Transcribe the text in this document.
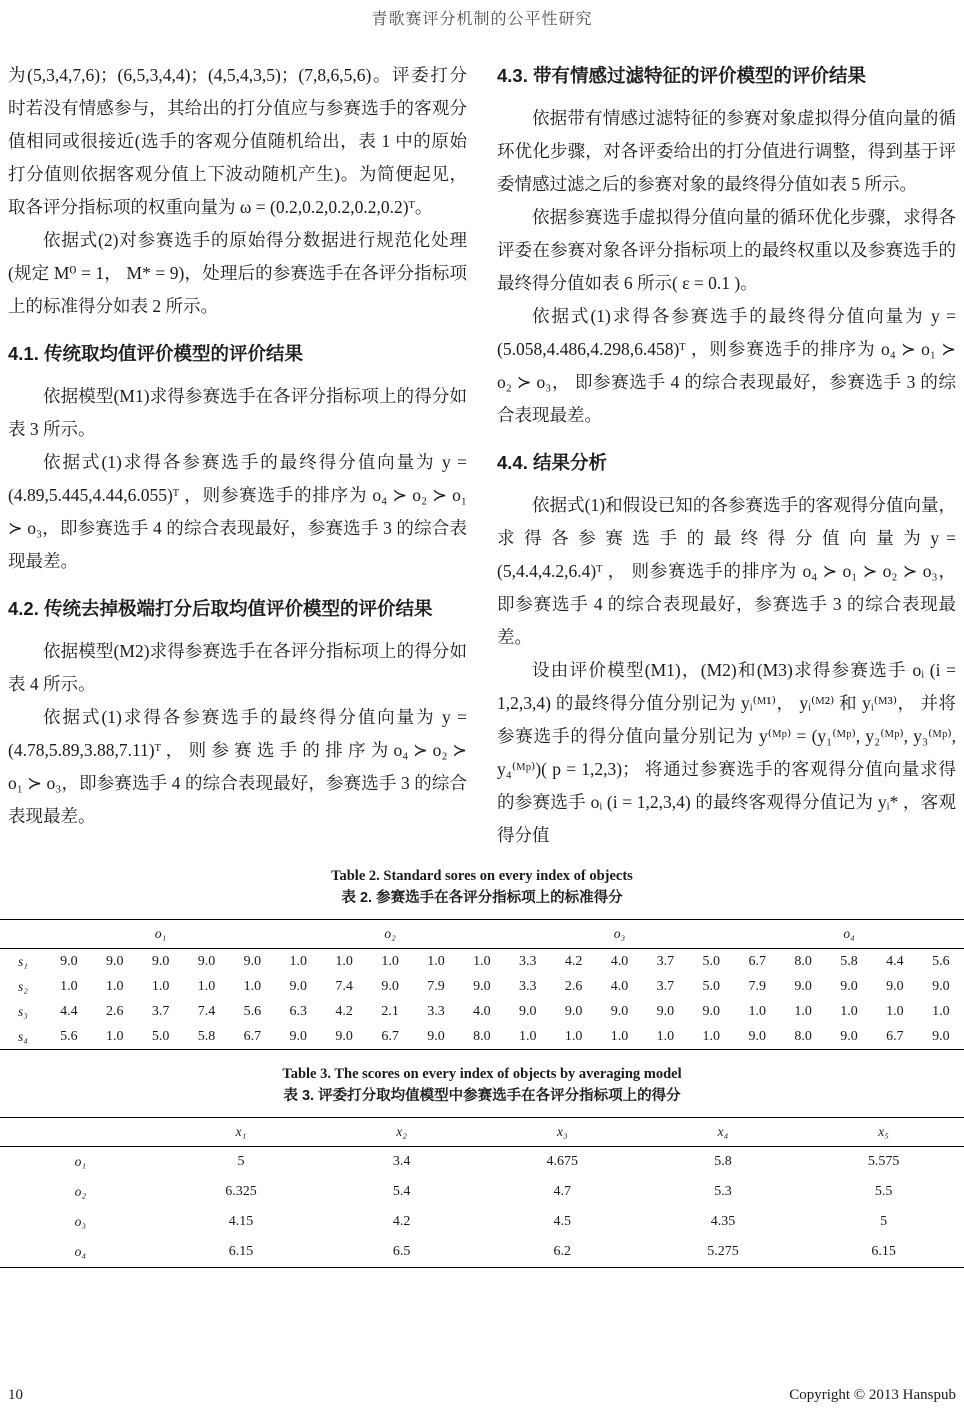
青歌赛评分机制的公平性研究

为(5,3,4,7,6)；(6,5,3,4,4)；(4,5,4,3,5)；(7,8,6,5,6)。评委打分时若没有情感参与，其给出的打分值应与参赛选手的客观分值相同或很接近(选手的客观分值随机给出，表 1 中的原始打分值则依据客观分值上下波动随机产生)。为简便起见，取各评分指标项的权重向量为 ω = (0.2,0.2,0.2,0.2,0.2)ᵀ。

依据式(2)对参赛选手的原始得分数据进行规范化处理(规定 M⁰ = 1， M* = 9)，处理后的参赛选手在各评分指标项上的标准得分如表 2 所示。

4.1. 传统取均值评价模型的评价结果

依据模型(M1)求得参赛选手在各评分指标项上的得分如表 3 所示。

依据式(1)求得各参赛选手的最终得分值向量为 y = (4.89,5.445,4.44,6.055)ᵀ ，则参赛选手的排序为 o₄ ≻ o₂ ≻ o₁ ≻ o₃，即参赛选手 4 的综合表现最好，参赛选手 3 的综合表现最差。

4.2. 传统去掉极端打分后取均值评价模型的评价结果

依据模型(M2)求得参赛选手在各评分指标项上的得分如表 4 所示。

依据式(1)求得各参赛选手的最终得分值向量为 y = (4.78,5.89,3.88,7.11)ᵀ ， 则 参 赛 选 手 的 排 序 为 o₄ ≻ o₂ ≻ o₁ ≻ o₃，即参赛选手 4 的综合表现最好，参赛选手 3 的综合表现最差。

4.3. 带有情感过滤特征的评价模型的评价结果

依据带有情感过滤特征的参赛对象虚拟得分值向量的循环优化步骤，对各评委给出的打分值进行调整，得到基于评委情感过滤之后的参赛对象的最终得分值如表 5 所示。

依据参赛选手虚拟得分值向量的循环优化步骤，求得各评委在参赛对象各评分指标项上的最终权重以及参赛选手的最终得分值如表 6 所示( ε = 0.1 )。

依据式(1)求得各参赛选手的最终得分值向量为 y = (5.058,4.486,4.298,6.458)ᵀ ，则参赛选手的排序为 o₄ ≻ o₁ ≻ o₂ ≻ o₃， 即参赛选手 4 的综合表现最好，参赛选手 3 的综合表现最差。

4.4. 结果分析

依据式(1)和假设已知的各参赛选手的客观得分值向量， 求 得 各 参 赛 选 手 的 最 终 得 分 值 向 量 为 y = (5,4.4,4.2,6.4)ᵀ ， 则参赛选手的排序为 o₄ ≻ o₁ ≻ o₂ ≻ o₃， 即参赛选手 4 的综合表现最好，参赛选手 3 的综合表现最差。

设由评价模型(M1)，(M2)和(M3)求得参赛选手 oᵢ (i = 1,2,3,4) 的最终得分值分别记为 yᵢ⁽ᴹ¹⁾， yᵢ⁽ᴹ²⁾ 和 yᵢ⁽ᴹ³⁾， 并将参赛选手的得分值向量分别记为 y⁽ᴹᵖ⁾ = (y₁⁽ᴹᵖ⁾, y₂⁽ᴹᵖ⁾, y₃⁽ᴹᵖ⁾, y₄⁽ᴹᵖ⁾)( p = 1,2,3)； 将通过参赛选手的客观得分值向量求得的参赛选手 oᵢ (i = 1,2,3,4) 的最终客观得分值记为 yᵢ* ，客观得分值

Table 2. Standard sores on every index of objects
表 2. 参赛选手在各评分指标项上的标准得分
	o₁					o₂					o₃					o₄				
s₁	9.0	9.0	9.0	9.0	9.0	1.0	1.0	1.0	1.0	1.0	3.3	4.2	4.0	3.7	5.0	6.7	8.0	5.8	4.4	5.6
s₂	1.0	1.0	1.0	1.0	1.0	9.0	7.4	9.0	7.9	9.0	3.3	2.6	4.0	3.7	5.0	7.9	9.0	9.0	9.0	9.0
s₃	4.4	2.6	3.7	7.4	5.6	6.3	4.2	2.1	3.3	4.0	9.0	9.0	9.0	9.0	9.0	1.0	1.0	1.0	1.0	1.0
s₄	5.6	1.0	5.0	5.8	6.7	9.0	9.0	6.7	9.0	8.0	1.0	1.0	1.0	1.0	1.0	9.0	8.0	9.0	6.7	9.0
Table 3. The scores on every index of objects by averaging model
表 3. 评委打分取均值模型中参赛选手在各评分指标项上的得分
	x₁	x₂	x₃	x₄	x₅
o₁	5	3.4	4.675	5.8	5.575
o₂	6.325	5.4	4.7	5.3	5.5
o₃	4.15	4.2	4.5	4.35	5
o₄	6.15	6.5	6.2	5.275	6.15
10	Copyright © 2013 Hanspub
